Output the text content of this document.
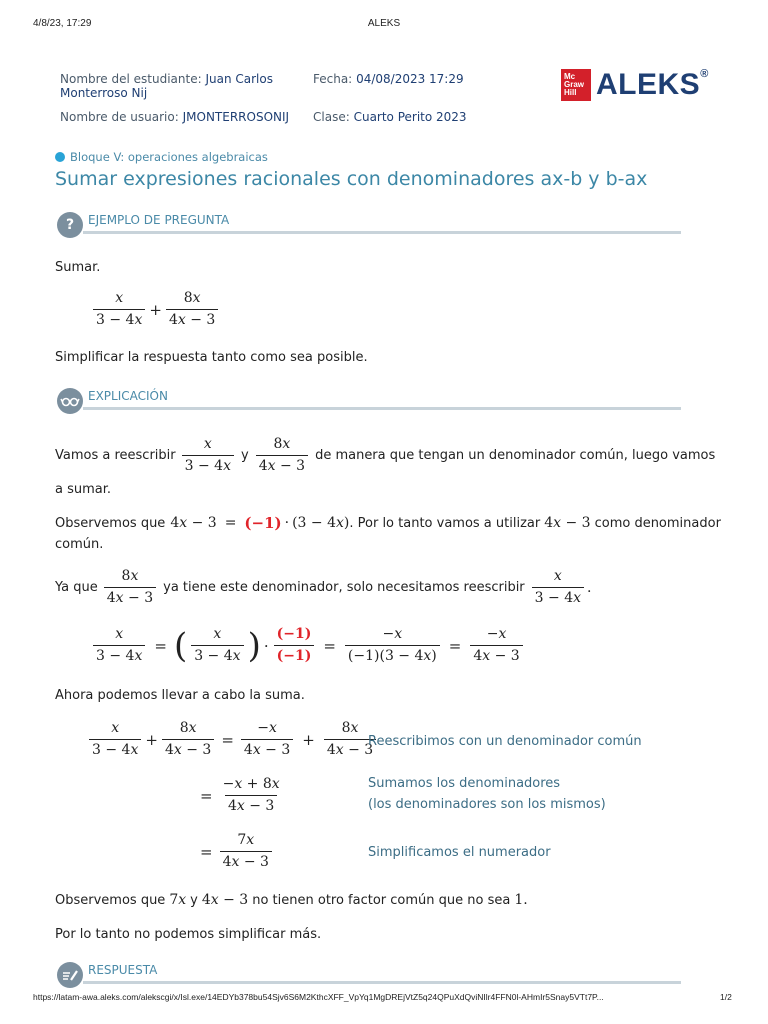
4/8/23, 17:29	ALEKS
Nombre del estudiante: Juan Carlos Monterroso Nij
Nombre de usuario: JMONTERROSONIJ
Fecha: 04/08/2023 17:29
Clase: Cuarto Perito 2023
Mc
Graw
Hill ALEKS®
Bloque V: operaciones algebraicas
Sumar expresiones racionales con denominadores ax-b y b-ax
?	EJEMPLO DE PREGUNTA
Sumar.
$\frac{x}{3 - 4x} + \frac{8x}{4x - 3}$
Simplificar la respuesta tanto como sea posible.
EXPLICACIÓN
Vamos a reescribir $\frac{x}{3 - 4x}$ y $\frac{8x}{4x - 3}$ de manera que tengan un denominador común, luego vamos
a sumar.
Observemos que 4x − 3 = (−1) · (3 − 4x) . Por lo tanto vamos a utilizar 4x − 3 como denominador
común.
Ya que $\frac{8x}{4x - 3}$ ya tiene este denominador, solo necesitamos reescribir $\frac{x}{3 - 4x}$ .
$\frac{x}{3 - 4x}$ = ( $\frac{x}{3 - 4x}$ ) · $\frac{(-1)}{(-1)} = \frac{-x}{(-1)(3 - 4x)} = \frac{-x}{4x - 3}$
Ahora podemos llevar a cabo la suma.
$\frac{x}{3 - 4x} + \frac{8x}{4x - 3} = \frac{-x}{4x - 3} + \frac{8x}{4x - 3}$
Reescribimos con un denominador común
= $\frac{-x + 8x}{4x - 3}$	Sumamos los denominadores
(los denominadores son los mismos)
= $\frac{7x}{4x - 3}$	Simplificamos el numerador
Observemos que 7x y 4x − 3 no tienen otro factor común que no sea 1 .
Por lo tanto no podemos simplificar más.
RESPUESTA
https://latam-awa.aleks.com/alekscgi/x/Isl.exe/14EDYb378bu54Sjv6S6M2KthcXFF_VpYq1MgDREjVtZ5q24QPuXdQviNIlr4FFN0l-AHmIr5Snay5VTt7P...	1/2
